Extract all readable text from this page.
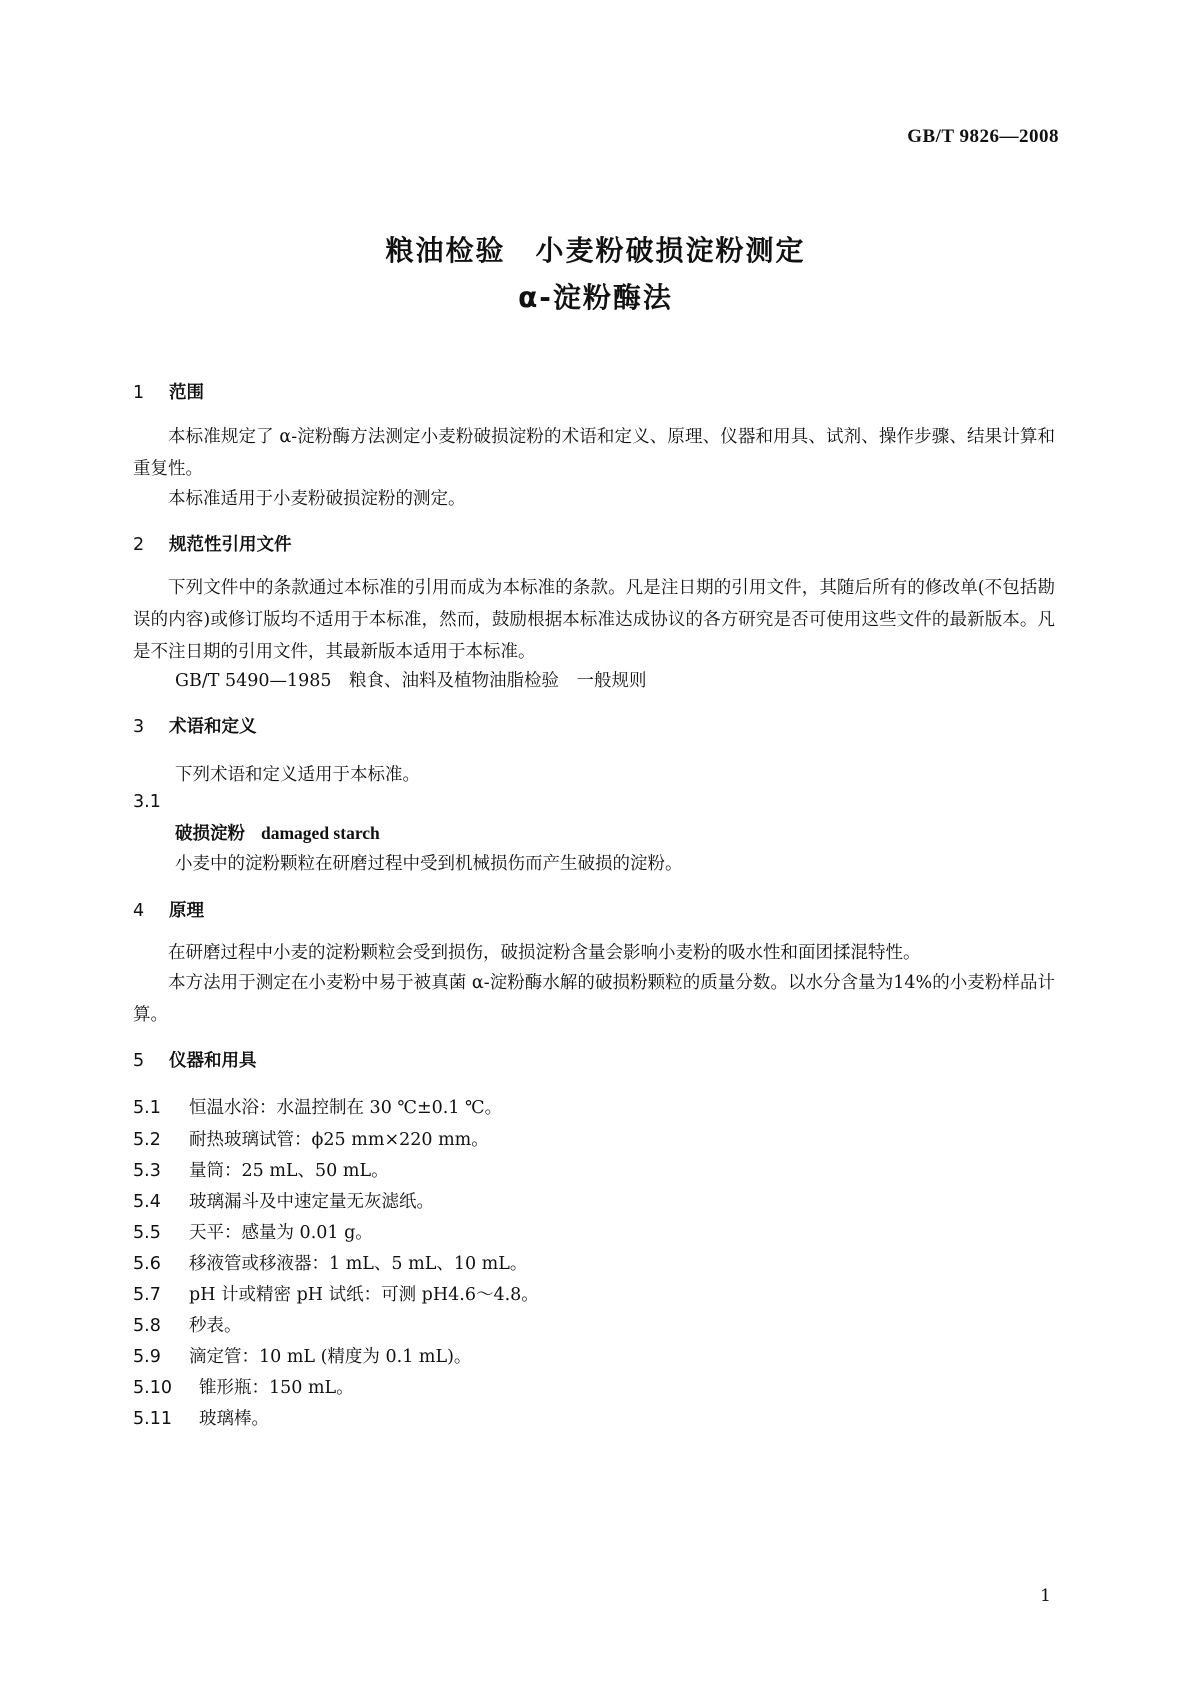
GB/T 9826—2008
粮油检验　小麦粉破损淀粉测定
α-淀粉酶法
1 范围
本标准规定了 α-淀粉酶方法测定小麦粉破损淀粉的术语和定义、原理、仪器和用具、试剂、操作步骤、结果计算和重复性。
本标准适用于小麦粉破损淀粉的测定。
2 规范性引用文件
下列文件中的条款通过本标准的引用而成为本标准的条款。凡是注日期的引用文件，其随后所有的修改单(不包括勘误的内容)或修订版均不适用于本标准，然而，鼓励根据本标准达成协议的各方研究是否可使用这些文件的最新版本。凡是不注日期的引用文件，其最新版本适用于本标准。
GB/T 5490—1985　粮食、油料及植物油脂检验　一般规则
3 术语和定义
下列术语和定义适用于本标准。
3.1
破损淀粉 damaged starch
小麦中的淀粉颗粒在研磨过程中受到机械损伤而产生破损的淀粉。
4 原理
在研磨过程中小麦的淀粉颗粒会受到损伤，破损淀粉含量会影响小麦粉的吸水性和面团揉混特性。
本方法用于测定在小麦粉中易于被真菌 α-淀粉酶水解的破损粉颗粒的质量分数。以水分含量为14%的小麦粉样品计算。
5 仪器和用具
5.1 恒温水浴：水温控制在 30 ℃±0.1 ℃。
5.2 耐热玻璃试管：ϕ25 mm×220 mm。
5.3 量筒：25 mL、50 mL。
5.4 玻璃漏斗及中速定量无灰滤纸。
5.5 天平：感量为 0.01 g。
5.6 移液管或移液器：1 mL、5 mL、10 mL。
5.7 pH 计或精密 pH 试纸：可测 pH4.6～4.8。
5.8 秒表。
5.9 滴定管：10 mL (精度为 0.1 mL)。
5.10 锥形瓶：150 mL。
5.11 玻璃棒。
1
